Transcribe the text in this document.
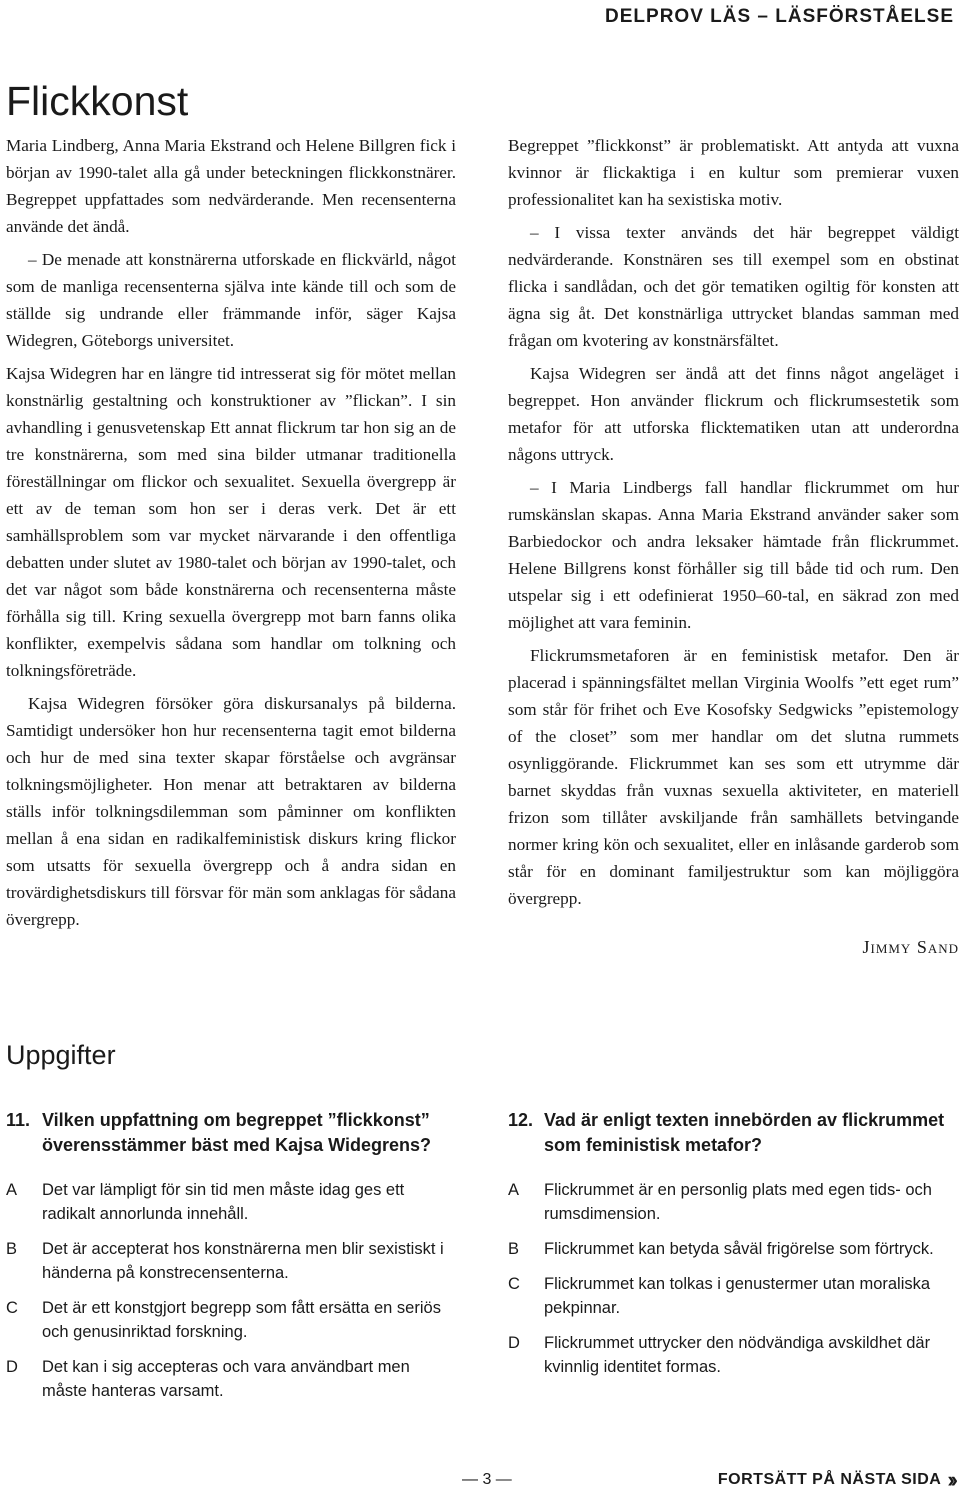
DELPROV LÄS – LÄSFÖRSTÅELSE
Flickkonst

Maria Lindberg, Anna Maria Ekstrand och Helene Billgren fick i början av 1990-talet alla gå under beteckningen flickkonstnärer. Begreppet uppfattades som nedvärderande. Men recensenterna använde det ändå.

– De menade att konstnärerna utforskade en flickvärld, något som de manliga recensenterna själva inte kände till och som de ställde sig undrande eller främmande inför, säger Kajsa Widegren, Göteborgs universitet.

Kajsa Widegren har en längre tid intresserat sig för mötet mellan konstnärlig gestaltning och konstruktioner av ”flickan”. I sin avhandling i genusvetenskap Ett annat flickrum tar hon sig an de tre konstnärerna, som med sina bilder utmanar traditionella föreställningar om flickor och sexualitet. Sexuella övergrepp är ett av de teman som hon ser i deras verk. Det är ett samhällsproblem som var mycket närvarande i den offentliga debatten under slutet av 1980-talet och början av 1990-talet, och det var något som både konstnärerna och recensenterna måste förhålla sig till. Kring sexuella övergrepp mot barn fanns olika konflikter, exempelvis sådana som handlar om tolkning och tolkningsföreträde.

Kajsa Widegren försöker göra diskursanalys på bilderna. Samtidigt undersöker hon hur recensenterna tagit emot bilderna och hur de med sina texter skapar förståelse och avgränsar tolkningsmöjligheter. Hon menar att betraktaren av bilderna ställs inför tolkningsdilemman som påminner om konflikten mellan å ena sidan en radikalfeministisk diskurs kring flickor som utsatts för sexuella övergrepp och å andra sidan en trovärdighetsdiskurs till försvar för män som anklagas för sådana övergrepp.

Begreppet ”flickkonst” är problematiskt. Att antyda att vuxna kvinnor är flickaktiga i en kultur som premierar vuxen professionalitet kan ha sexistiska motiv.

– I vissa texter används det här begreppet väldigt nedvärderande. Konstnären ses till exempel som en obstinat flicka i sandlådan, och det gör tematiken ogiltig för konsten att ägna sig åt. Det konstnärliga uttrycket blandas samman med frågan om kvotering av konstnärsfältet.

Kajsa Widegren ser ändå att det finns något angeläget i begreppet. Hon använder flickrum och flickrumsestetik som metafor för att utforska flicktematiken utan att underordna någons uttryck.

– I Maria Lindbergs fall handlar flickrummet om hur rumskänslan skapas. Anna Maria Ekstrand använder saker som Barbiedockor och andra leksaker hämtade från flickrummet. Helene Billgrens konst förhåller sig till både tid och rum. Den utspelar sig i ett odefinierat 1950–60-tal, en säkrad zon med möjlighet att vara feminin.

Flickrumsmetaforen är en feministisk metafor. Den är placerad i spänningsfältet mellan Virginia Woolfs ”ett eget rum” som står för frihet och Eve Kosofsky Sedgwicks ”epistemology of the closet” som mer handlar om det slutna rummets osynliggörande. Flickrummet kan ses som ett utrymme där barnet skyddas från vuxnas sexuella aktiviteter, en materiell frizon som tillåter avskiljande från samhällets betvingande normer kring kön och sexualitet, eller en inlåsande garderob som står för en dominant familjestruktur som kan möjliggöra övergrepp.

Jimmy Sand

Uppgifter
11. Vilken uppfattning om begreppet ”flickkonst” överensstämmer bäst med Kajsa Widegrens?
A	Det var lämpligt för sin tid men måste idag ges ett radikalt annorlunda innehåll.
B	Det är accepterat hos konstnärerna men blir sexistiskt i händerna på konstrecensenterna.
C	Det är ett konstgjort begrepp som fått ersätta en seriös och genusinriktad forskning.
D	Det kan i sig accepteras och vara användbart men måste hanteras varsamt.
12. Vad är enligt texten innebörden av flickrummet som feministisk metafor?
A	Flickrummet är en personlig plats med egen tids- och rumsdimension.
B	Flickrummet kan betyda såväl frigörelse som förtryck.
C	Flickrummet kan tolkas i genustermer utan moraliska pekpinnar.
D	Flickrummet uttrycker den nödvändiga avskildhet där kvinnlig identitet formas.
— 3 —	FORTSÄTT PÅ NÄSTA SIDA ››
